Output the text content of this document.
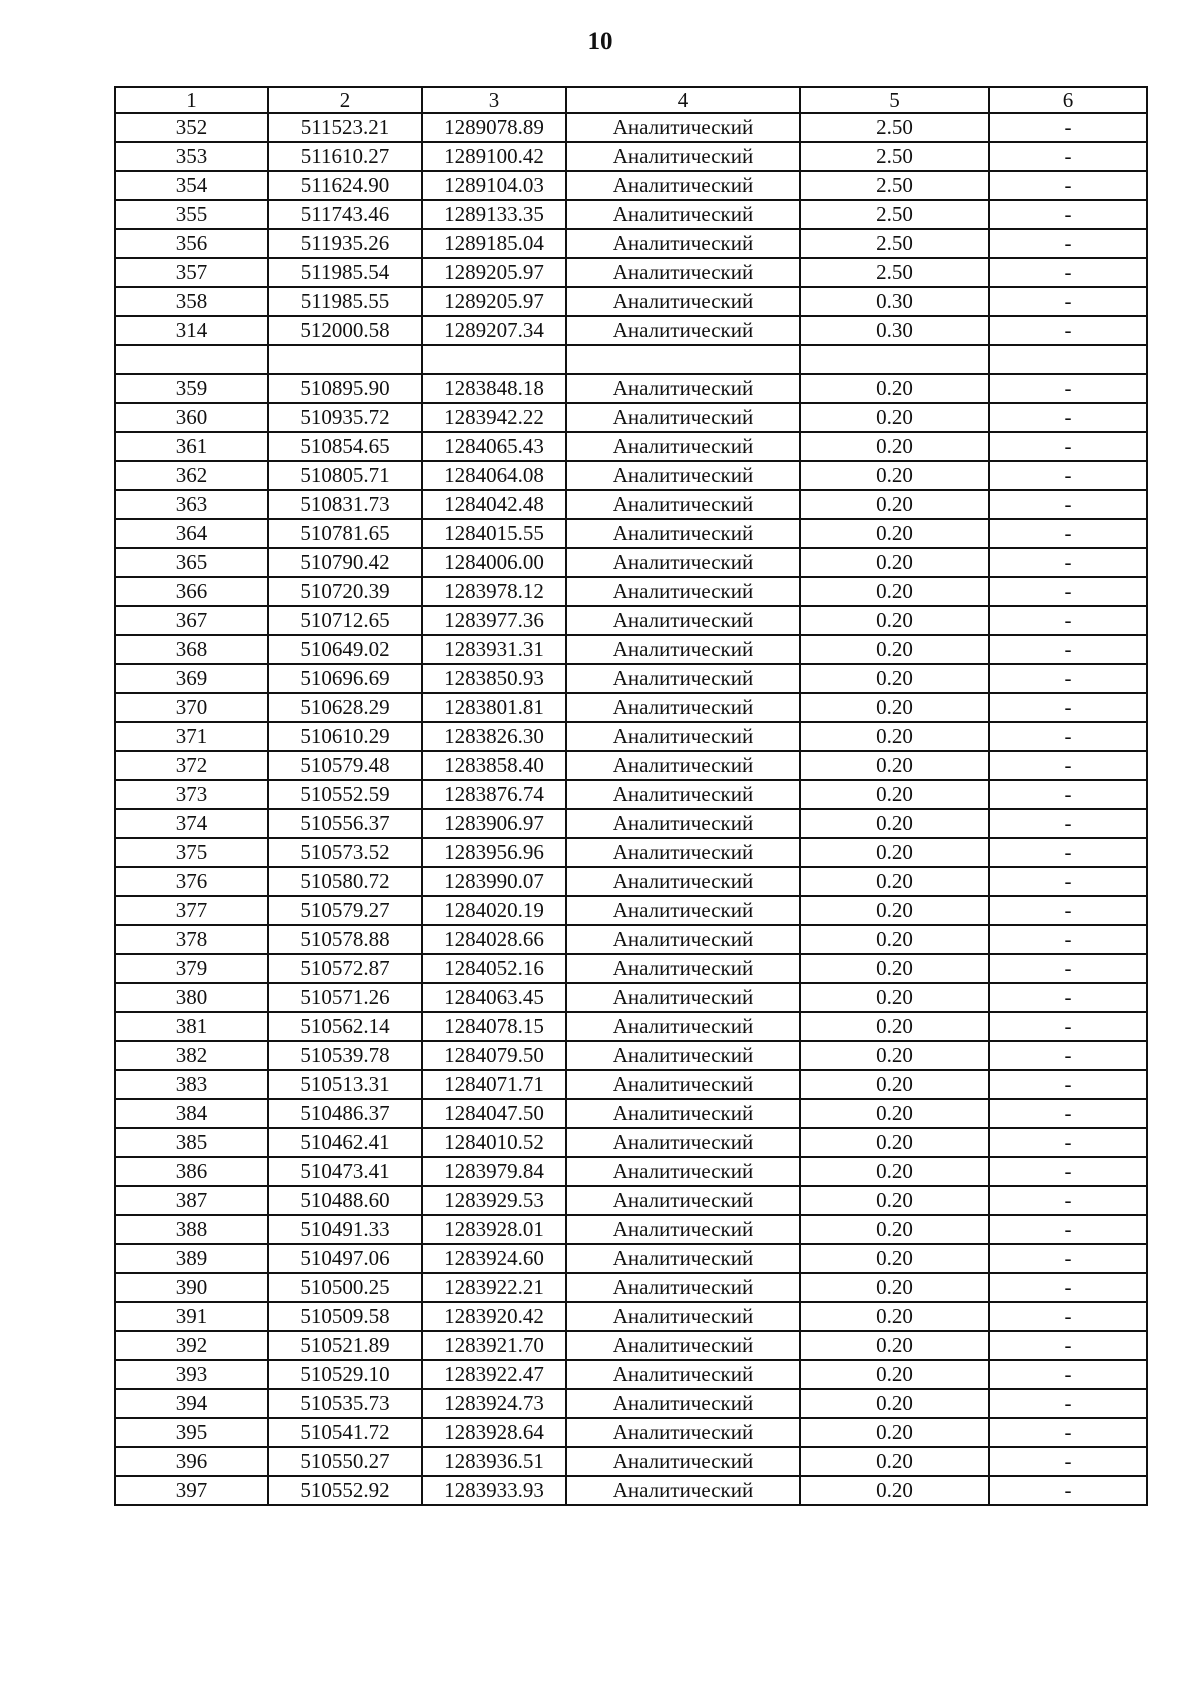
10
1	2	3	4	5	6
352	511523.21	1289078.89	Аналитический	2.50	-
353	511610.27	1289100.42	Аналитический	2.50	-
354	511624.90	1289104.03	Аналитический	2.50	-
355	511743.46	1289133.35	Аналитический	2.50	-
356	511935.26	1289185.04	Аналитический	2.50	-
357	511985.54	1289205.97	Аналитический	2.50	-
358	511985.55	1289205.97	Аналитический	0.30	-
314	512000.58	1289207.34	Аналитический	0.30	-

359	510895.90	1283848.18	Аналитический	0.20	-
360	510935.72	1283942.22	Аналитический	0.20	-
361	510854.65	1284065.43	Аналитический	0.20	-
362	510805.71	1284064.08	Аналитический	0.20	-
363	510831.73	1284042.48	Аналитический	0.20	-
364	510781.65	1284015.55	Аналитический	0.20	-
365	510790.42	1284006.00	Аналитический	0.20	-
366	510720.39	1283978.12	Аналитический	0.20	-
367	510712.65	1283977.36	Аналитический	0.20	-
368	510649.02	1283931.31	Аналитический	0.20	-
369	510696.69	1283850.93	Аналитический	0.20	-
370	510628.29	1283801.81	Аналитический	0.20	-
371	510610.29	1283826.30	Аналитический	0.20	-
372	510579.48	1283858.40	Аналитический	0.20	-
373	510552.59	1283876.74	Аналитический	0.20	-
374	510556.37	1283906.97	Аналитический	0.20	-
375	510573.52	1283956.96	Аналитический	0.20	-
376	510580.72	1283990.07	Аналитический	0.20	-
377	510579.27	1284020.19	Аналитический	0.20	-
378	510578.88	1284028.66	Аналитический	0.20	-
379	510572.87	1284052.16	Аналитический	0.20	-
380	510571.26	1284063.45	Аналитический	0.20	-
381	510562.14	1284078.15	Аналитический	0.20	-
382	510539.78	1284079.50	Аналитический	0.20	-
383	510513.31	1284071.71	Аналитический	0.20	-
384	510486.37	1284047.50	Аналитический	0.20	-
385	510462.41	1284010.52	Аналитический	0.20	-
386	510473.41	1283979.84	Аналитический	0.20	-
387	510488.60	1283929.53	Аналитический	0.20	-
388	510491.33	1283928.01	Аналитический	0.20	-
389	510497.06	1283924.60	Аналитический	0.20	-
390	510500.25	1283922.21	Аналитический	0.20	-
391	510509.58	1283920.42	Аналитический	0.20	-
392	510521.89	1283921.70	Аналитический	0.20	-
393	510529.10	1283922.47	Аналитический	0.20	-
394	510535.73	1283924.73	Аналитический	0.20	-
395	510541.72	1283928.64	Аналитический	0.20	-
396	510550.27	1283936.51	Аналитический	0.20	-
397	510552.92	1283933.93	Аналитический	0.20	-
